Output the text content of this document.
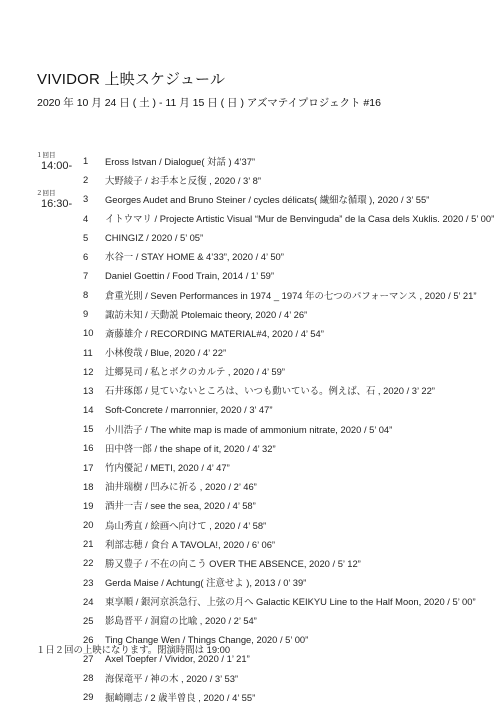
VIVIDOR 上映スケジュール
2020 年 10 月 24 日 ( 土 ) - 11 月 15 日 ( 日 ) アズマテイプロジェクト #16
１回目
14:00-
２回目
16:30-
1	Eross Istvan / Dialogue( 対話 ) 4’37”
2	大野綾子 / お手本と反復 , 2020 / 3’ 8”
3	Georges Audet and Bruno Steiner / cycles délicats( 繊細な循環 ), 2020 / 3’ 55”
4	イトウマリ / Projecte Artistic Visual “Mur de Benvinguda” de la Casa dels Xuklis. 2020 / 5’ 00”
5	CHINGIZ / 2020 / 5’ 05”
6	水谷一 / STAY HOME & 4’33”, 2020 / 4’ 50”
7	Daniel Goettin / Food Train, 2014 / 1’ 59”
8	倉重光則 / Seven Performances in 1974 _ 1974 年の七つのパフォーマンス , 2020 / 5’ 21”
9	諏訪未知 / 天動説 Ptolemaic theory, 2020 / 4’ 26”
10	斎藤雄介 / RECORDING MATERIAL#4, 2020 / 4’ 54”
11	小林俊哉 / Blue, 2020 / 4’ 22”
12	辻郷晃司 / 私とボクのカルテ , 2020 / 4’ 59”
13	石井琢郎 / 見ていないところは、いつも動いている。例えば、石 , 2020 / 3’ 22”
14	Soft-Concrete / marronnier, 2020 / 3’ 47”
15	小川浩子 / The white map is made of ammonium nitrate, 2020 / 5’ 04”
16	田中啓一郎 / the shape of it, 2020 / 4’ 32”
17	竹内優記 / METI, 2020 / 4’ 47”
18	油井瑞樹 / 凹みに祈る , 2020 / 2’ 46”
19	酒井一吉 / see the sea, 2020 / 4’ 58”
20	烏山秀直 / 絵画へ向けて , 2020 / 4’ 58”
21	利部志穂 / 食台 A TAVOLA!, 2020 / 6’ 06”
22	勝又豊子 / 不在の向こう OVER THE ABSENCE, 2020 / 5’ 12”
23	Gerda Maise / Achtung( 注意せよ ), 2013 / 0’ 39”
24	東享順 / 銀河京浜急行、上弦の月へ Galactic KEIKYU Line to the Half Moon, 2020 / 5’ 00”
25	影島晋平 / 洞窟の比喩 , 2020 / 2’ 54”
26	Ting Change Wen / Things Change, 2020 / 5’ 00”
27	Axel Toepfer / Vividor, 2020 / 1’ 21”
28	海保竜平 / 神の木 , 2020 / 3’ 53”
29	掘崎剛志 / 2 歳半曾良 , 2020 / 4’ 55”
１日２回の上映になります。閉演時間は 19:00
